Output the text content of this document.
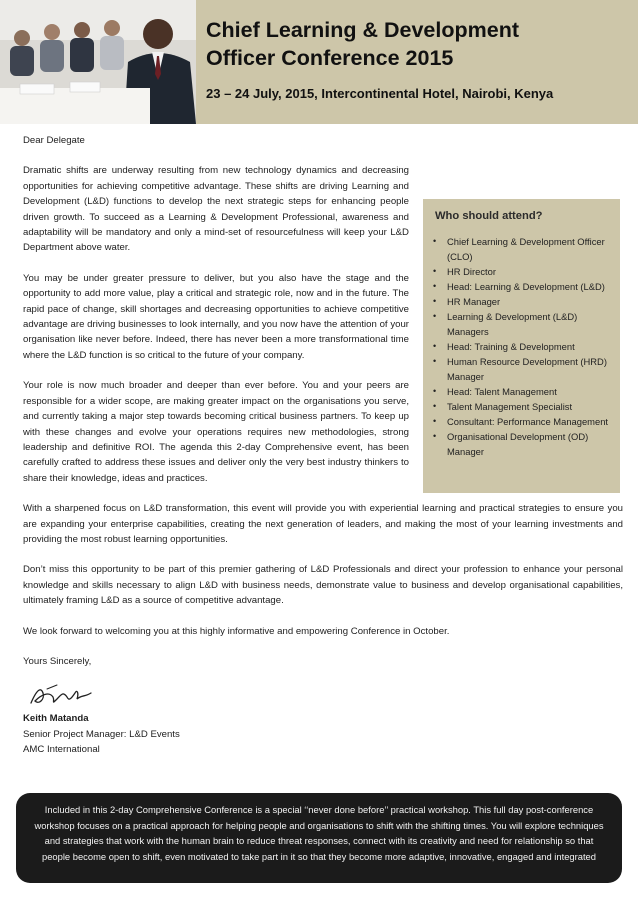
Chief Learning & Development
Officer Conference 2015
23 – 24 July, 2015, Intercontinental Hotel, Nairobi, Kenya
Dear Delegate
Who should attend?
• Chief Learning & Development Officer (CLO)
• HR Director
• Head: Learning & Development (L&D)
• HR Manager
• Learning & Development (L&D) Managers
• Head: Training & Development
• Human Resource Development (HRD) Manager
• Head: Talent Management
• Talent Management Specialist
• Consultant: Performance Management
• Organisational Development (OD) Manager

Dramatic shifts are underway resulting from new technology dynamics and decreasing opportunities for achieving competitive advantage. These shifts are driving Learning and Development (L&D) functions to develop the next strategic steps for enhancing people driven growth. To succeed as a Learning & Development Professional, awareness and adaptability will be mandatory and only a mind-set of resourcefulness will keep your L&D Department above water.

You may be under greater pressure to deliver, but you also have the stage and the opportunity to add more value, play a critical and strategic role, now and in the future. The rapid pace of change, skill shortages and decreasing opportunities to achieve competitive advantage are driving businesses to look internally, and you now have the attention of your organisation like never before. Indeed, there has never been a more transformational time where the L&D function is so critical to the future of your company.

Your role is now much broader and deeper than ever before. You and your peers are responsible for a wider scope, are making greater impact on the organisations you serve, and currently taking a major step towards becoming critical business partners. To keep up with these changes and evolve your operations requires new methodologies, strong leadership and definitive ROI. The agenda this 2-day Comprehensive event, has been carefully crafted to address these issues and deliver only the very best industry thinkers to share their knowledge, ideas and practices.

With a sharpened focus on L&D transformation, this event will provide you with experiential learning and practical strategies to ensure you are expanding your enterprise capabilities, creating the next generation of leaders, and making the most of your learning investments and providing the most robust learning opportunities.

Don’t miss this opportunity to be part of this premier gathering of L&D Professionals and direct your profession to enhance your personal knowledge and skills necessary to align L&D with business needs, demonstrate value to business and develop organisational capabilities, ultimately framing L&D as a source of competitive advantage.

We look forward to welcoming you at this highly informative and empowering Conference in October.

Yours Sincerely,
Keith Matanda
Senior Project Manager: L&D Events
AMC International
Included in this 2-day Comprehensive Conference is a special ‘‘never done before’’ practical workshop. This full day post-conference workshop focuses on a practical approach for helping people and organisations to shift with the shifting times. You will explore techniques and strategies that work with the human brain to reduce threat responses, connect with its creativity and need for relationship so that people become open to shift, even motivated to take part in it so that they become more adaptive, innovative, engaged and integrated
